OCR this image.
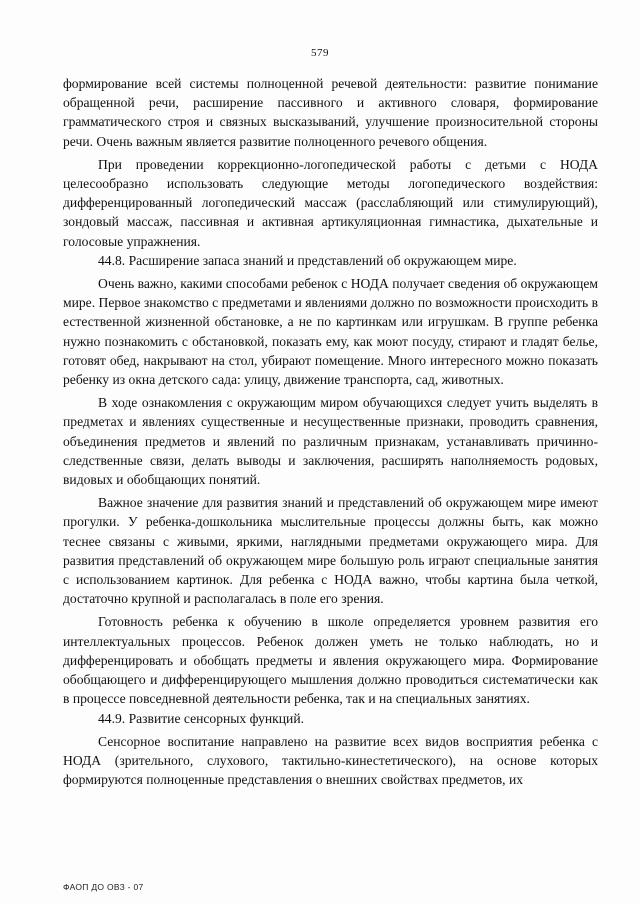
579

формирование всей системы полноценной речевой деятельности: развитие понимание обращенной речи, расширение пассивного и активного словаря, формирование грамматического строя и связных высказываний, улучшение произносительной стороны речи. Очень важным является развитие полноценного речевого общения.

При проведении коррекционно-логопедической работы с детьми с НОДА целесообразно использовать следующие методы логопедического воздействия: дифференцированный логопедический массаж (расслабляющий или стимулирующий), зондовый массаж, пассивная и активная артикуляционная гимнастика, дыхательные и голосовые упражнения.

44.8. Расширение запаса знаний и представлений об окружающем мире.

Очень важно, какими способами ребенок с НОДА получает сведения об окружающем мире. Первое знакомство с предметами и явлениями должно по возможности происходить в естественной жизненной обстановке, а не по картинкам или игрушкам. В группе ребенка нужно познакомить с обстановкой, показать ему, как моют посуду, стирают и гладят белье, готовят обед, накрывают на стол, убирают помещение. Много интересного можно показать ребенку из окна детского сада: улицу, движение транспорта, сад, животных.

В ходе ознакомления с окружающим миром обучающихся следует учить выделять в предметах и явлениях существенные и несущественные признаки, проводить сравнения, объединения предметов и явлений по различным признакам, устанавливать причинно-следственные связи, делать выводы и заключения, расширять наполняемость родовых, видовых и обобщающих понятий.

Важное значение для развития знаний и представлений об окружающем мире имеют прогулки. У ребенка-дошкольника мыслительные процессы должны быть, как можно теснее связаны с живыми, яркими, наглядными предметами окружающего мира. Для развития представлений об окружающем мире большую роль играют специальные занятия с использованием картинок. Для ребенка с НОДА важно, чтобы картина была четкой, достаточно крупной и располагалась в поле его зрения.

Готовность ребенка к обучению в школе определяется уровнем развития его интеллектуальных процессов. Ребенок должен уметь не только наблюдать, но и дифференцировать и обобщать предметы и явления окружающего мира. Формирование обобщающего и дифференцирующего мышления должно проводиться систематически как в процессе повседневной деятельности ребенка, так и на специальных занятиях.

44.9. Развитие сенсорных функций.

Сенсорное воспитание направлено на развитие всех видов восприятия ребенка с НОДА (зрительного, слухового, тактильно-кинестетического), на основе которых формируются полноценные представления о внешних свойствах предметов, их

ФАОП ДО ОВЗ - 07
